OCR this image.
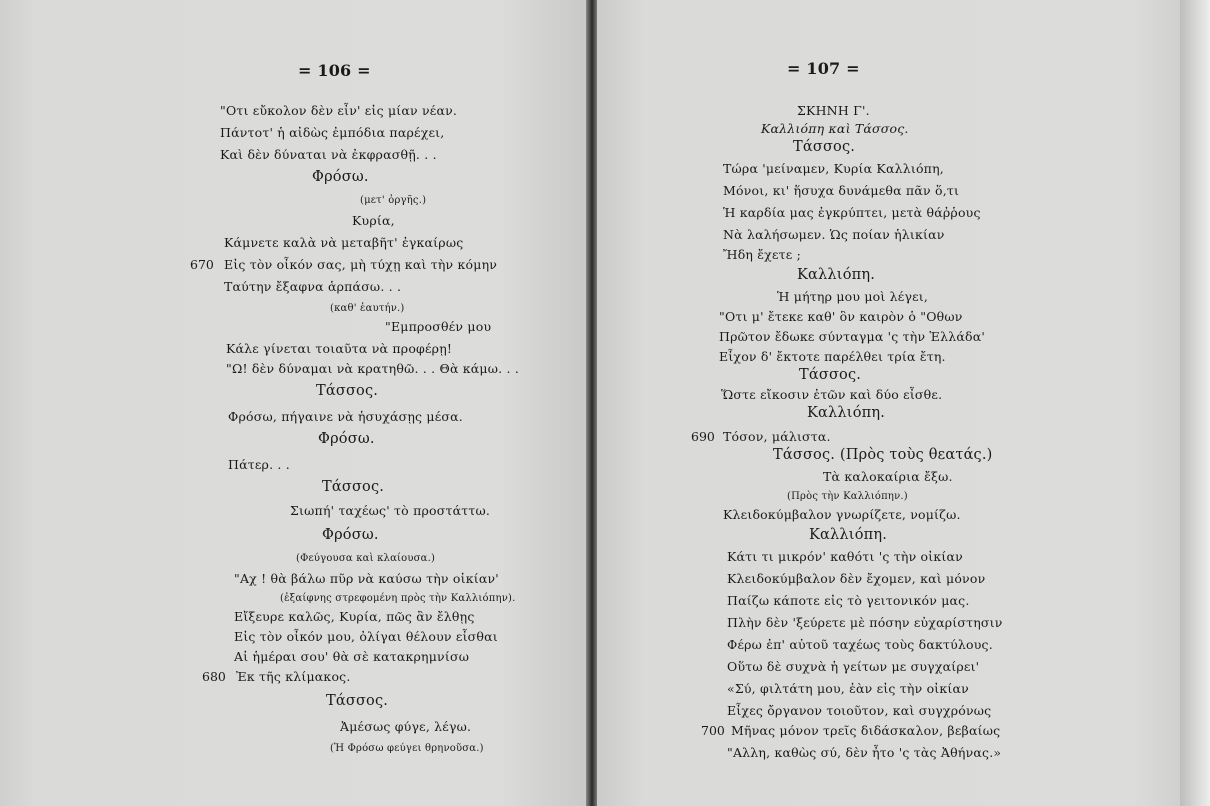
= 106 =
"Οτι εὔκολον δὲν εἶν' εἰς μίαν νέαν.
Πάντοτ' ἡ αἰδὼς ἐμπόδια παρέχει,
Καὶ δὲν δύναται νὰ ἐκφρασθῇ. . .
Φρόσω.
(μετ' ὀργῆς.)
Κυρία,
Κάμνετε καλὰ νὰ μεταβῆτ' ἐγκαίρως
670 Εἰς τὸν οἶκόν σας, μὴ τύχῃ καὶ τὴν κόμην
Ταύτην ἔξαφνα ἁρπάσω. . .
(καθ' ἑαυτήν.)
"Εμπροσθέν μου
Κάλε γίνεται τοιαῦτα νὰ προφέρῃ!
"Ω! δὲν δύναμαι νὰ κρατηθῶ. . . Θὰ κάμω. . .
Τάσσος.
Φρόσω, πήγαινε νὰ ἡσυχάσῃς μέσα.
Φρόσω.
Πάτερ. . .
Τάσσος.
Σιωπή' ταχέως' τὸ προστάττω.
Φρόσω.
(Φεύγουσα καὶ κλαίουσα.)
"Αχ ! θὰ βάλω πῦρ νὰ καύσω τὴν οἰκίαν'
(ἐξαίφνης στρεφομένη πρὸς τὴν Καλλιόπην).
Εἴξευρε καλῶς, Κυρία, πῶς ἂν ἔλθῃς
Εἰς τὸν οἶκόν μου, ὀλίγαι θέλουν εἶσθαι
Αἱ ἡμέραι σου' θὰ σὲ κατακρημνίσω
680 Ἐκ τῆς κλίμακος.
Τάσσος.
Ἀμέσως φύγε, λέγω.
(Ἡ Φρόσω φεύγει θρηνοῦσα.)
= 107 =
ΣΚΗΝΗ Γ'.
Καλλιόπη καὶ Τάσσος.
Τάσσος.
Τώρα 'μείναμεν, Κυρία Καλλιόπη,
Μόνοι, κι' ἥσυχα δυνάμεθα πᾶν ὅ,τι
Ἡ καρδία μας ἐγκρύπτει, μετὰ θάῤῥους
Νὰ λαλήσωμεν. Ὡς ποίαν ἡλικίαν
Ἤδη ἔχετε ;
Καλλιόπη.
Ἡ μήτηρ μου μοὶ λέγει,
"Οτι μ' ἔτεκε καθ' ὃν καιρὸν ὁ "Οθων
Πρῶτον ἔδωκε σύνταγμα 'ς τὴν Ἑλλάδα'
Εἶχον δ' ἔκτοτε παρέλθει τρία ἔτη.
Τάσσος.
Ὥστε εἴκοσιν ἐτῶν καὶ δύο εἶσθε.
Καλλιόπη.
690 Τόσον, μάλιστα.
Τάσσος. (Πρὸς τοὺς θεατάς.)
Τὰ καλοκαίρια ἔξω.
(Πρὸς τὴν Καλλιόπην.)
Κλειδοκύμβαλον γνωρίζετε, νομίζω.
Καλλιόπη.
Κάτι τι μικρόν' καθότι 'ς τὴν οἰκίαν
Κλειδοκύμβαλον δὲν ἔχομεν, καὶ μόνον
Παίζω κάποτε εἰς τὸ γειτονικόν μας.
Πλὴν δὲν 'ξεύρετε μὲ πόσην εὐχαρίστησιν
Φέρω ἐπ' αὐτοῦ ταχέως τοὺς δακτύλους.
Οὕτω δὲ συχνὰ ἡ γείτων με συγχαίρει'
«Σύ, φιλτάτη μου, ἐὰν εἰς τὴν οἰκίαν
Εἶχες ὄργανον τοιοῦτον, καὶ συγχρόνως
700 Μῆνας μόνον τρεῖς διδάσκαλον, βεβαίως
"Αλλη, καθὼς σύ, δὲν ἦτο 'ς τὰς Ἀθήνας.»
